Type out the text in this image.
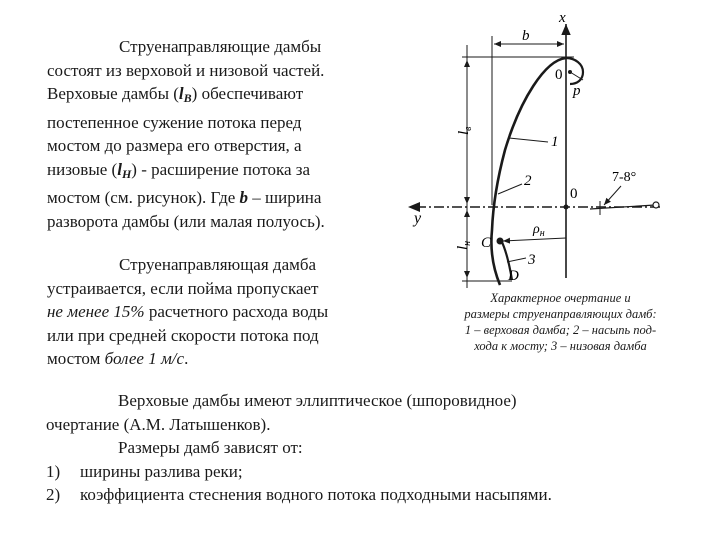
Струенаправляющие дамбы
состоят из верховой и низовой частей.
Верховые дамбы $(l_В)$ обеспечивают
постепенное сужение потока перед
мостом до размера его отверстия, а
низовые $(l_Н)$ - расширение потока за
мостом (см. рисунок). Где b – ширина
разворота дамбы (или малая полуось).
Струенаправляющая дамба
устраивается, если пойма пропускает
не менее 15% расчетного расхода воды
или при средней скорости потока под
мостом более 1 м/с.
Верховые дамбы имеют эллиптическое (шпоровидное)
очертание (А.М. Латышенков).
Размеры дамб зависят от:
1) ширины разлива реки;
2) коэффициента стеснения водного потока подходными насыпями.
x
y
7-8°
$l_в$
$l_н$
b
0
р
$\rho_н$
C
D
0
1
2
3
Характерное очертание и
размеры струенаправляющих дамб:
1 – верховая дамба; 2 – насыпь под-
хода к мосту; 3 – низовая дамба
